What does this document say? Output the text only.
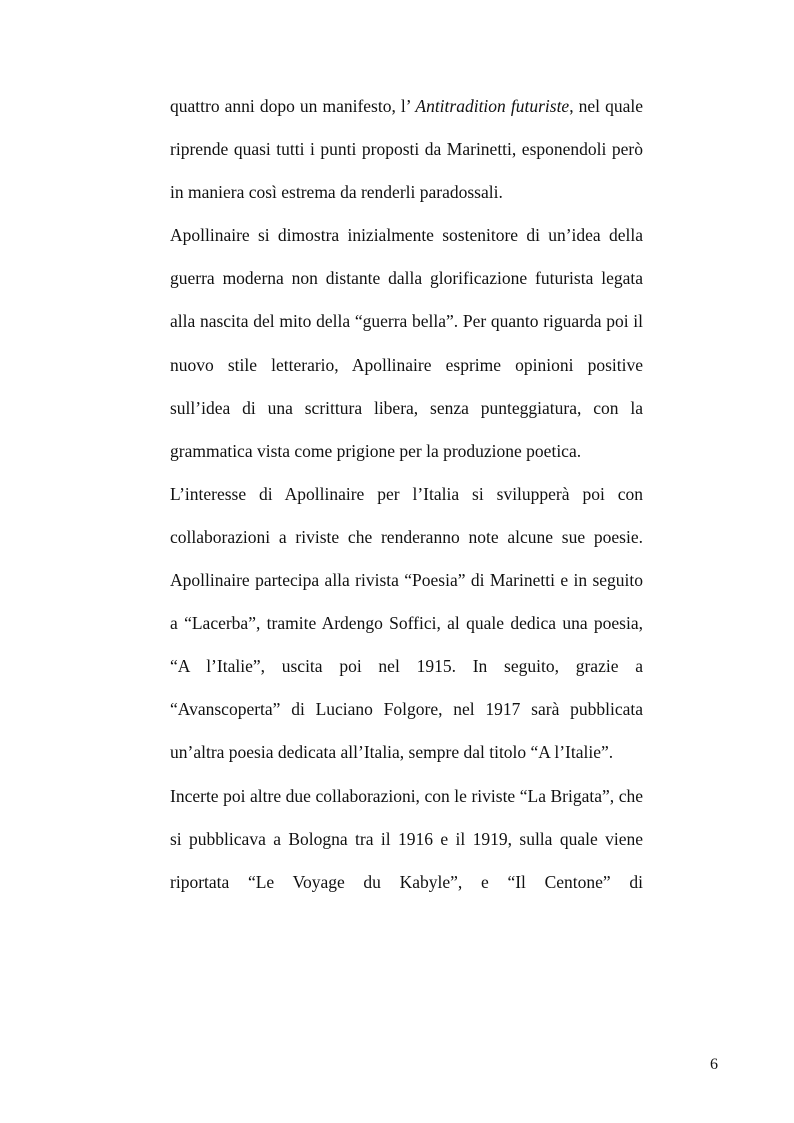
quattro anni dopo un manifesto, l’ Antitradition futuriste, nel quale riprende quasi tutti i punti proposti da Marinetti, esponendoli però in maniera così estrema da renderli paradossali.

Apollinaire si dimostra inizialmente sostenitore di un’idea della guerra moderna non distante dalla glorificazione futurista legata alla nascita del mito della “guerra bella”. Per quanto riguarda poi il nuovo stile letterario, Apollinaire esprime opinioni positive sull’idea di una scrittura libera, senza punteggiatura, con la grammatica vista come prigione per la produzione poetica.

L’interesse di Apollinaire per l’Italia si svilupperà poi con collaborazioni a riviste che renderanno note alcune sue poesie. Apollinaire partecipa alla rivista “Poesia” di Marinetti e in seguito a “Lacerba”, tramite Ardengo Soffici, al quale dedica una poesia, “A l’Italie”, uscita poi nel 1915. In seguito, grazie a “Avanscoperta” di Luciano Folgore, nel 1917 sarà pubblicata un’altra poesia dedicata all’Italia, sempre dal titolo “A l’Italie”.

Incerte poi altre due collaborazioni, con le riviste “La Brigata”, che si pubblicava a Bologna tra il 1916 e il 1919, sulla quale viene riportata “Le Voyage du Kabyle”, e “Il Centone” di

6
